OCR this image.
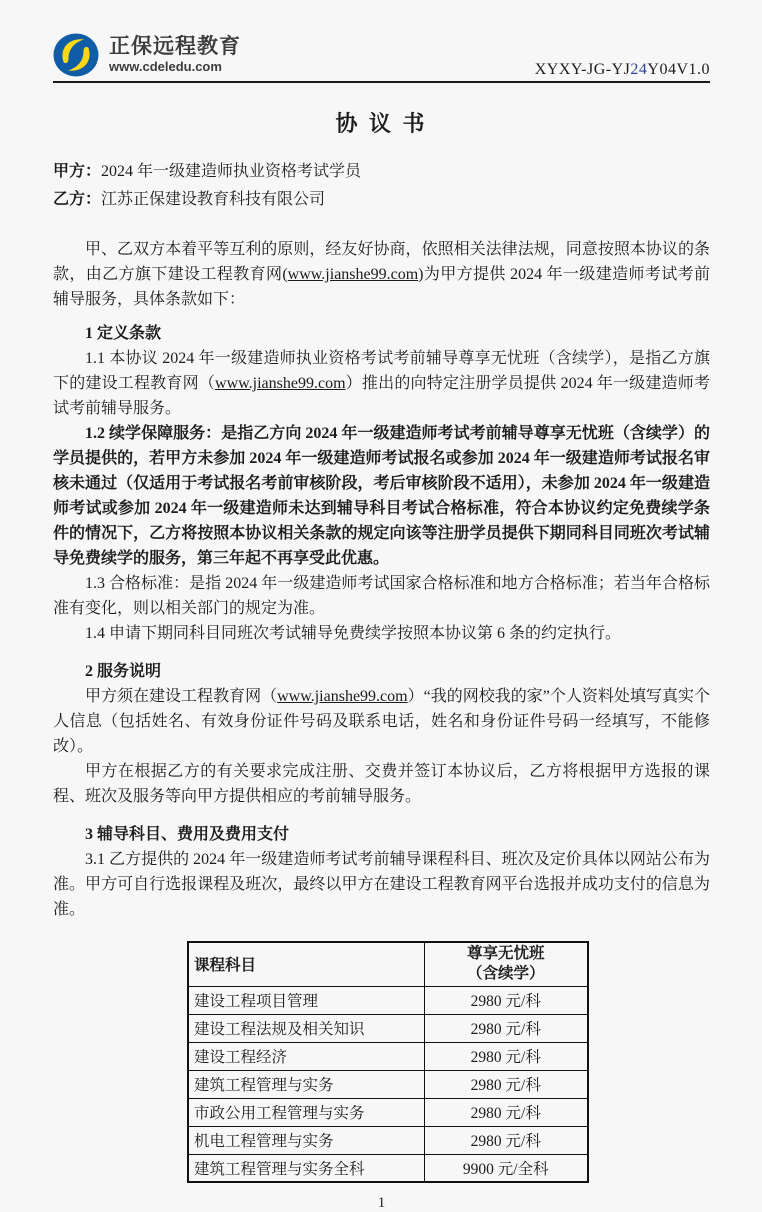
正保远程教育
www.cdeledu.com	XYXY-JG-YJ24Y04V1.0
协 议 书

甲方：2024 年一级建造师执业资格考试学员

乙方：江苏正保建设教育科技有限公司

甲、乙双方本着平等互利的原则，经友好协商，依照相关法律法规，同意按照本协议的条款，由乙方旗下建设工程教育网(www.jianshe99.com)为甲方提供 2024 年一级建造师考试考前辅导服务，具体条款如下：

1 定义条款

1.1 本协议 2024 年一级建造师执业资格考试考前辅导尊享无忧班（含续学），是指乙方旗下的建设工程教育网（www.jianshe99.com）推出的向特定注册学员提供 2024 年一级建造师考试考前辅导服务。

1.2 续学保障服务：是指乙方向 2024 年一级建造师考试考前辅导尊享无忧班（含续学）的学员提供的，若甲方未参加 2024 年一级建造师考试报名或参加 2024 年一级建造师考试报名审核未通过（仅适用于考试报名考前审核阶段，考后审核阶段不适用），未参加 2024 年一级建造师考试或参加 2024 年一级建造师未达到辅导科目考试合格标准，符合本协议约定免费续学条件的情况下，乙方将按照本协议相关条款的规定向该等注册学员提供下期同科目同班次考试辅导免费续学的服务，第三年起不再享受此优惠。

1.3 合格标准：是指 2024 年一级建造师考试国家合格标准和地方合格标准；若当年合格标准有变化，则以相关部门的规定为准。

1.4 申请下期同科目同班次考试辅导免费续学按照本协议第 6 条的约定执行。

2 服务说明

甲方须在建设工程教育网（www.jianshe99.com）“我的网校我的家”个人资料处填写真实个人信息（包括姓名、有效身份证件号码及联系电话，姓名和身份证件号码一经填写，不能修改）。

甲方在根据乙方的有关要求完成注册、交费并签订本协议后，乙方将根据甲方选报的课程、班次及服务等向甲方提供相应的考前辅导服务。

3 辅导科目、费用及费用支付

3.1 乙方提供的 2024 年一级建造师考试考前辅导课程科目、班次及定价具体以网站公布为准。甲方可自行选报课程及班次，最终以甲方在建设工程教育网平台选报并成功支付的信息为准。

课程科目	尊享无忧班
（含续学）

建设工程项目管理	2980 元/科
建设工程法规及相关知识	2980 元/科
建设工程经济	2980 元/科
建筑工程管理与实务	2980 元/科
市政公用工程管理与实务	2980 元/科
机电工程管理与实务	2980 元/科
建筑工程管理与实务全科	9900 元/全科
1
